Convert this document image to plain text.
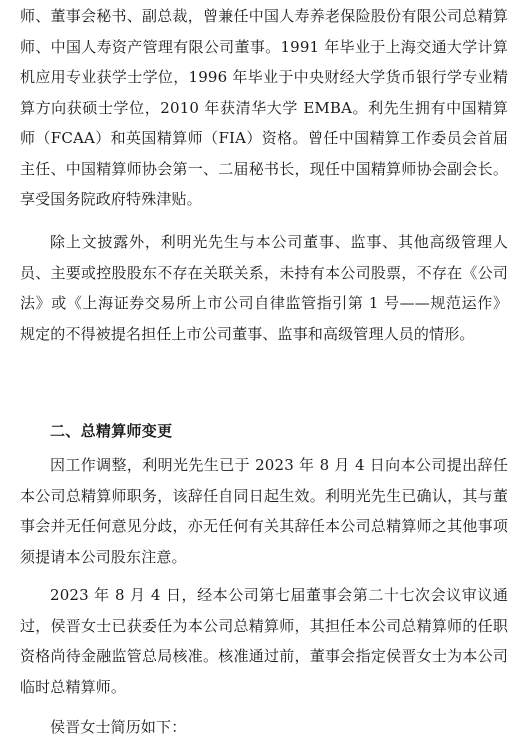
师、董事会秘书、副总裁，曾兼任中国人寿养老保险股份有限公司总精算师、中国人寿资产管理有限公司董事。1991 年毕业于上海交通大学计算机应用专业获学士学位，1996 年毕业于中央财经大学货币银行学专业精算方向获硕士学位，2010 年获清华大学 EMBA。利先生拥有中国精算师（FCAA）和英国精算师（FIA）资格。曾任中国精算工作委员会首届主任、中国精算师协会第一、二届秘书长，现任中国精算师协会副会长。享受国务院政府特殊津贴。

除上文披露外，利明光先生与本公司董事、监事、其他高级管理人员、主要或控股股东不存在关联关系，未持有本公司股票，不存在《公司法》或《上海证券交易所上市公司自律监管指引第 1 号——规范运作》规定的不得被提名担任上市公司董事、监事和高级管理人员的情形。

二、总精算师变更

因工作调整，利明光先生已于 2023 年 8 月 4 日向本公司提出辞任本公司总精算师职务，该辞任自同日起生效。利明光先生已确认，其与董事会并无任何意见分歧，亦无任何有关其辞任本公司总精算师之其他事项须提请本公司股东注意。

2023 年 8 月 4 日，经本公司第七届董事会第二十七次会议审议通过，侯晋女士已获委任为本公司总精算师，其担任本公司总精算师的任职资格尚待金融监管总局核准。核准通过前，董事会指定侯晋女士为本公司临时总精算师。

侯晋女士简历如下：
